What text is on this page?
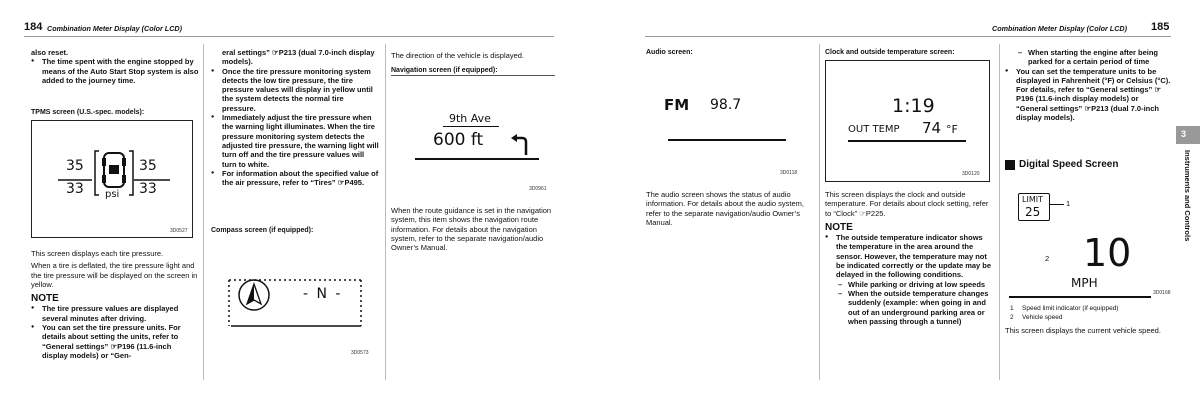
184 Combination Meter Display (Color LCD)
also reset.
● The time spent with the engine stopped by means of the Auto Start Stop system is also added to the journey time.
TPMS screen (U.S.-spec. models):
35	35
33	33
psi
3D0527
This screen displays each tire pressure.
When a tire is deflated, the tire pressure light and the tire pressure will be displayed on the screen in yellow.
NOTE
● The tire pressure values are displayed several minutes after driving.
● You can set the tire pressure units. For details about setting the units, refer to “General settings” ☞P196 (11.6-inch display models) or “Gen-
eral settings” ☞P213 (dual 7.0-inch display models).
● Once the tire pressure monitoring system detects the low tire pressure, the tire pressure values will display in yellow until the system detects the normal tire pressure.
● Immediately adjust the tire pressure when the warning light illuminates. When the tire pressure monitoring system detects the adjusted tire pressure, the warning light will turn off and the tire pressure values will turn to white.
● For information about the specified value of the air pressure, refer to “Tires” ☞P495.
Compass screen (if equipped):
- N -
3D0573
The direction of the vehicle is displayed.
Navigation screen (if equipped):
9th Ave
600 ft
3D0961
When the route guidance is set in the navigation system, this item shows the navigation route information. For details about the navigation system, refer to the separate navigation/audio Owner’s Manual.
Combination Meter Display (Color LCD) 185
Audio screen:
FM 98.7
3D0118
The audio screen shows the status of audio information. For details about the audio system, refer to the separate navigation/audio Owner’s Manual.
Clock and outside temperature screen:
1:19
OUT TEMP 74 °F
3D0120
This screen displays the clock and outside temperature. For details about clock setting, refer to “Clock” ☞P225.
NOTE
● The outside temperature indicator shows the temperature in the area around the sensor. However, the temperature may not be indicated correctly or the update may be delayed in the following conditions.
– While parking or driving at low speeds
– When the outside temperature changes suddenly (example: when going in and out of an underground parking area or when passing through a tunnel)
– When starting the engine after being parked for a certain period of time
● You can set the temperature units to be displayed in Fahrenheit (°F) or Celsius (°C). For details, refer to “General settings” ☞P196 (11.6-inch display models) or “General settings” ☞P213 (dual 7.0-inch display models).
Digital Speed Screen
LIMIT
25
1
2 10
MPH
3D0168
1	Speed limit indicator (if equipped)
2	Vehicle speed
This screen displays the current vehicle speed.
3
Instruments and Controls
